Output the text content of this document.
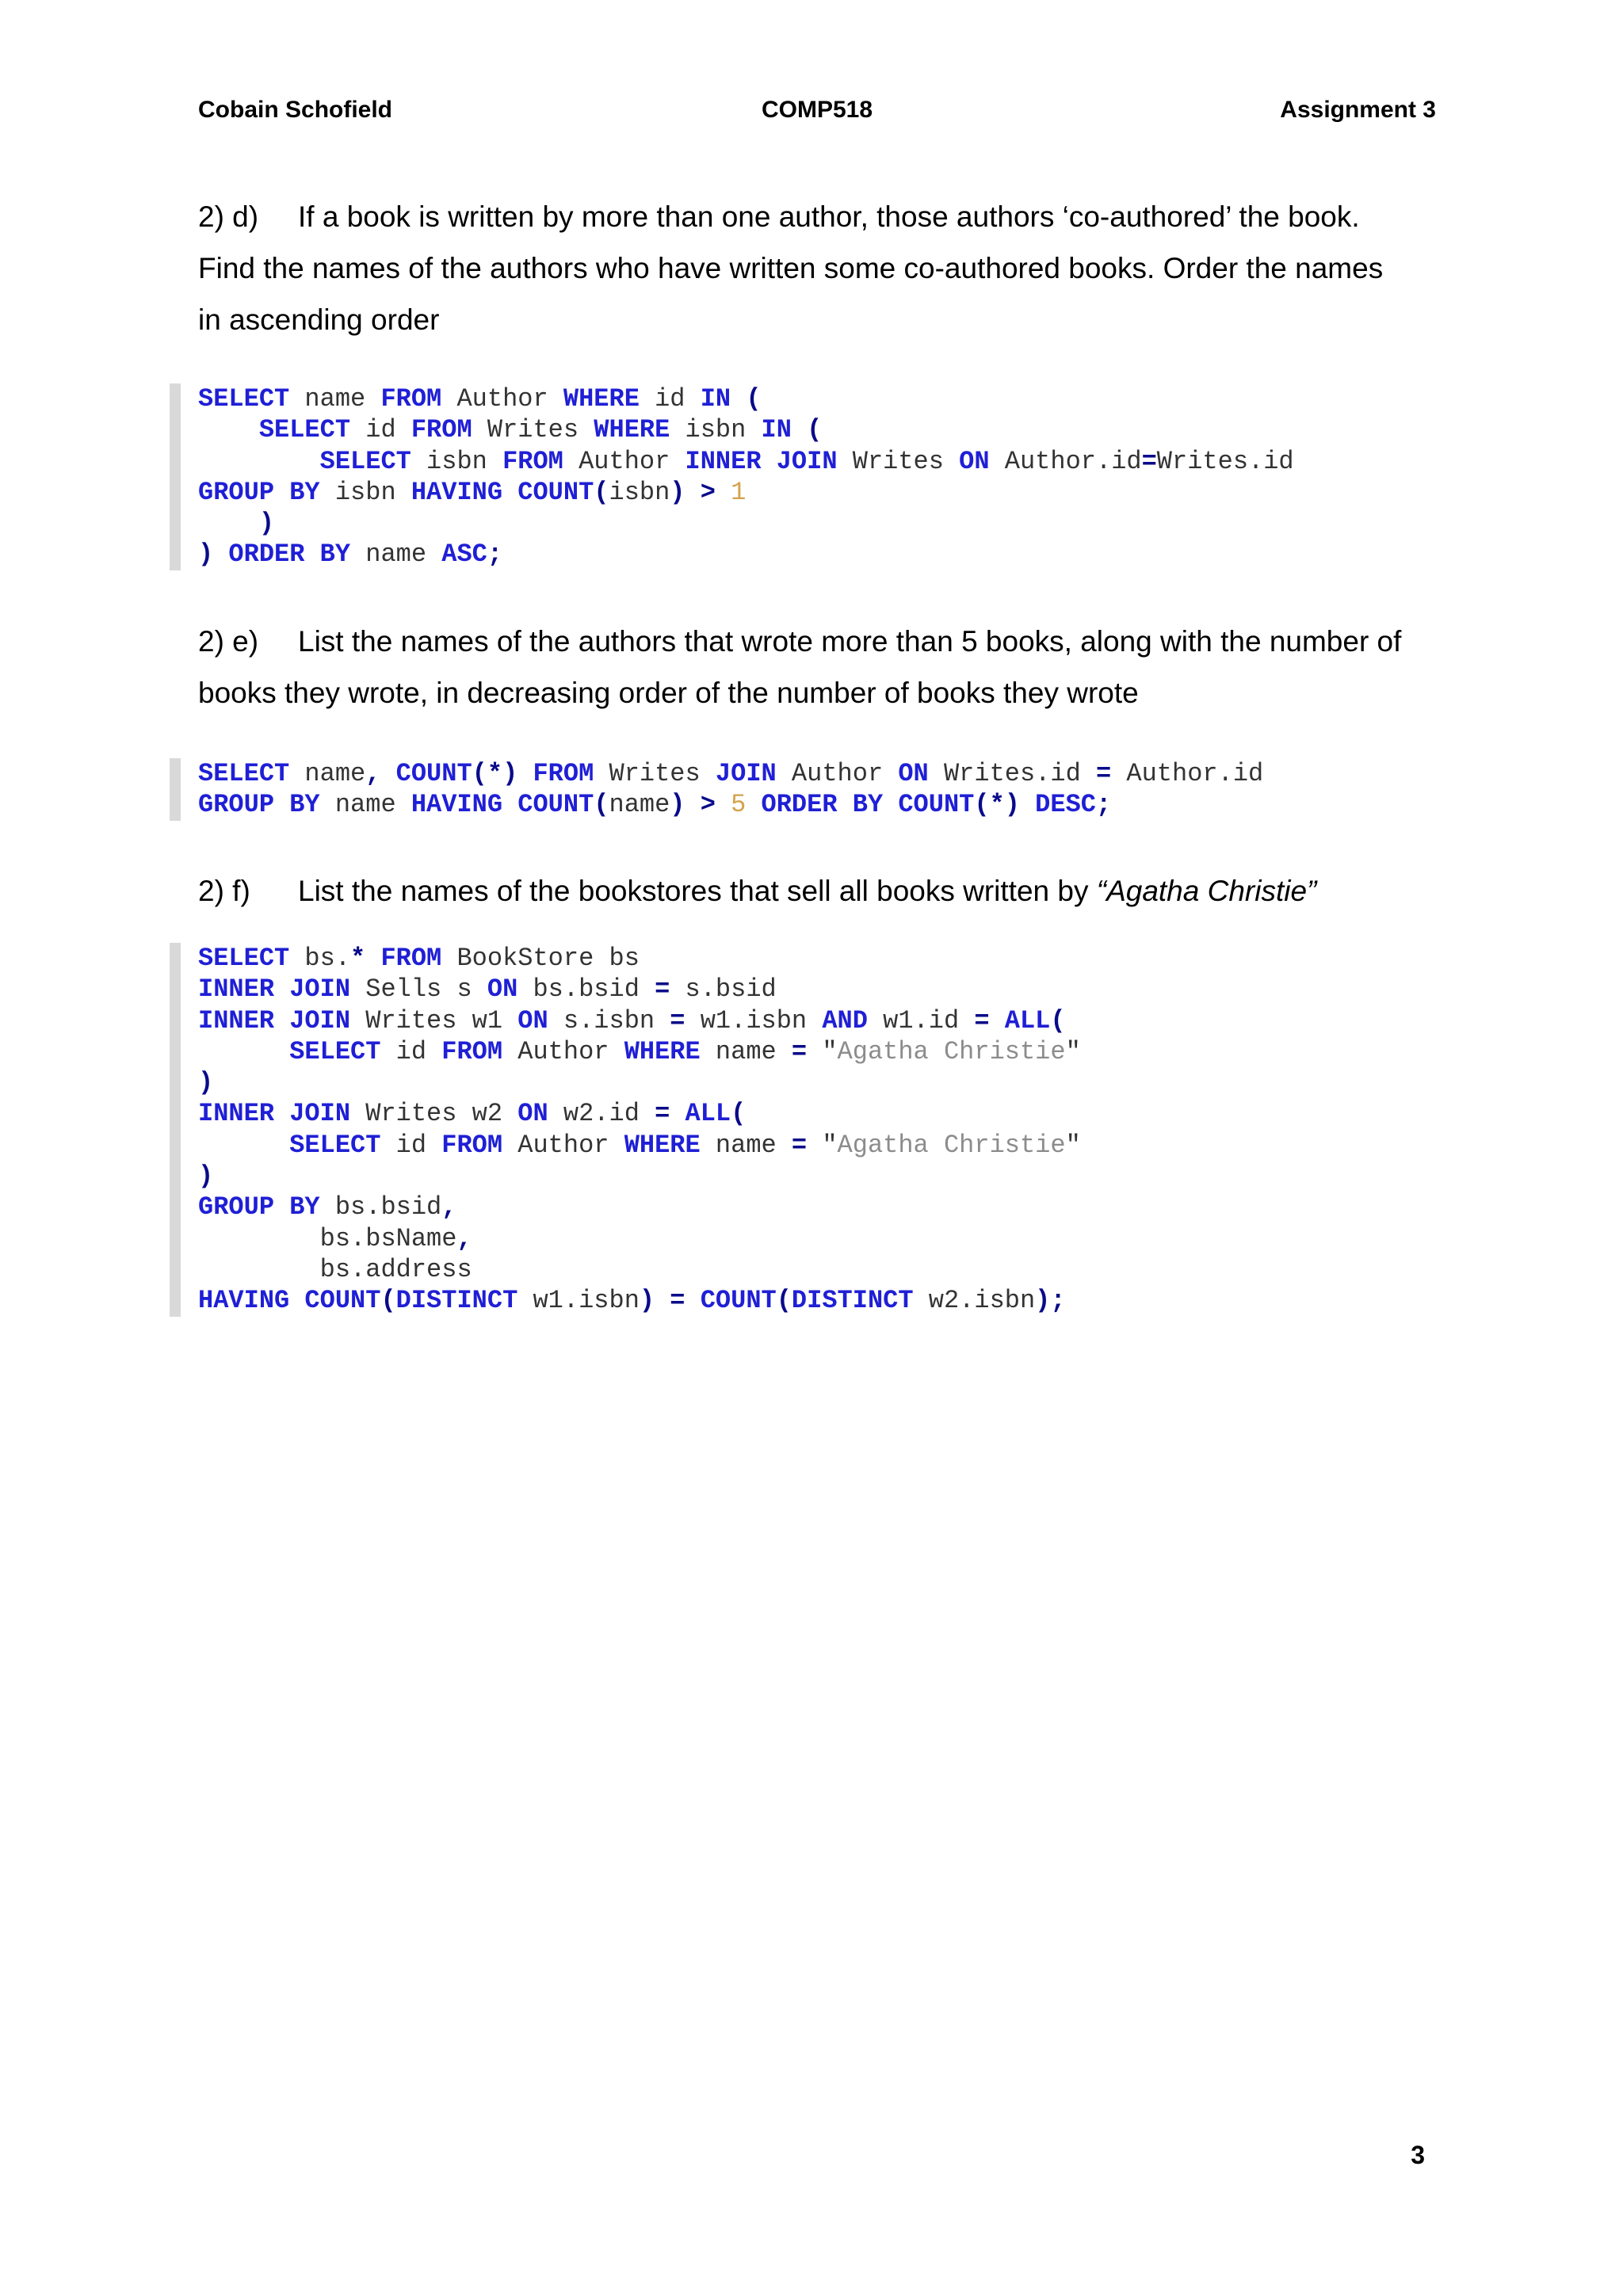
Cobain Schofield	COMP518	Assignment 3
2) d) If a book is written by more than one author, those authors ‘co-authored’ the book.
Find the names of the authors who have written some co-authored books. Order the names
in ascending order
SELECT name FROM Author WHERE id IN (
SELECT id FROM Writes WHERE isbn IN (
SELECT isbn FROM Author INNER JOIN Writes ON Author.id=Writes.id
GROUP BY isbn HAVING COUNT(isbn) > 1
)
) ORDER BY name ASC;
2) e) List the names of the authors that wrote more than 5 books, along with the number of
books they wrote, in decreasing order of the number of books they wrote
SELECT name, COUNT(*) FROM Writes JOIN Author ON Writes.id = Author.id
GROUP BY name HAVING COUNT(name) > 5 ORDER BY COUNT(*) DESC;
2) f) List the names of the bookstores that sell all books written by “Agatha Christie”
SELECT bs.* FROM BookStore bs
INNER JOIN Sells s ON bs.bsid = s.bsid
INNER JOIN Writes w1 ON s.isbn = w1.isbn AND w1.id = ALL(
SELECT id FROM Author WHERE name = "Agatha Christie"
)
INNER JOIN Writes w2 ON w2.id = ALL(
SELECT id FROM Author WHERE name = "Agatha Christie"
)
GROUP BY bs.bsid,
bs.bsName,
bs.address
HAVING COUNT(DISTINCT w1.isbn) = COUNT(DISTINCT w2.isbn);
3
